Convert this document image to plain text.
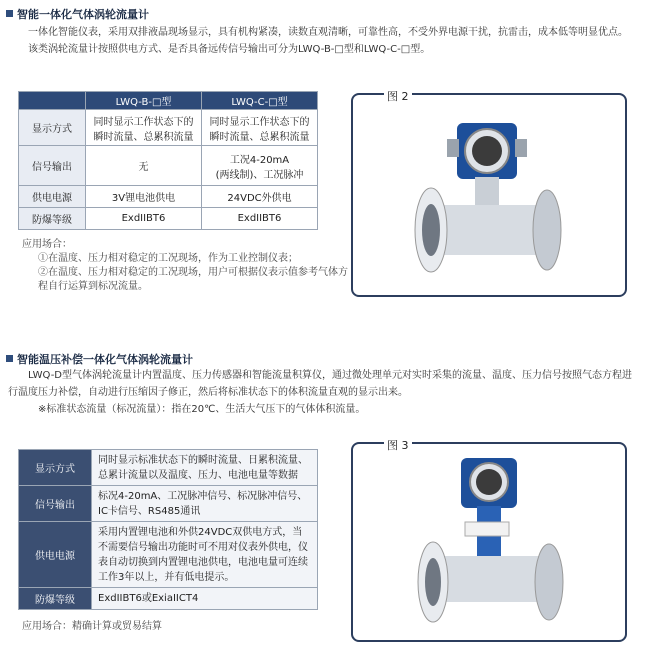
智能一体化气体涡轮流量计

一体化智能仪表，采用双排液晶现场显示，具有机构紧凑，读数直观清晰，可靠性高，不受外界电源干扰，抗雷击，成本低等明显优点。

该类涡轮流量计按照供电方式、是否具备远传信号输出可分为LWQ-B-□型和LWQ-C-□型。

	LWQ-B-□型	LWQ-C-□型
显示方式	同时显示工作状态下的瞬时流量、总累积流量	同时显示工作状态下的瞬时流量、总累积流量
信号输出	无	工况4-20mA
(两线制)、工况脉冲
供电电源	3V锂电池供电	24VDC外供电
防爆等级	ExdIIBT6	ExdIIBT6
应用场合：
①在温度、压力相对稳定的工况现场，作为工业控制仪表；
②在温度、压力相对稳定的工况现场，用户可根据仪表示值参考气体方程自行运算到标况流量。
图 2
智能温压补偿一体化气体涡轮流量计

LWQ-D型气体涡轮流量计内置温度、压力传感器和智能流量积算仪，通过微处理单元对实时采集的流量、温度、压力信号按照气态方程进行温度压力补偿，自动进行压缩因子修正，然后将标准状态下的体积流量直观的显示出来。

※标准状态流量（标况流量）：指在20℃、生活大气压下的气体体积流量。

显示方式	同时显示标准状态下的瞬时流量、日累积流量、总累计流量以及温度、压力、电池电量等数据
信号输出	标况4-20mA、工况脉冲信号、标况脉冲信号、IC卡信号、RS485通讯
供电电源	采用内置锂电池和外供24VDC双供电方式，当不需要信号输出功能时可不用对仪表外供电，仪表自动切换到内置锂电池供电，电池电量可连续工作3年以上，并有低电提示。
防爆等级	ExdIIBT6或ExiaIICT4
应用场合：精确计算或贸易结算
图 3
